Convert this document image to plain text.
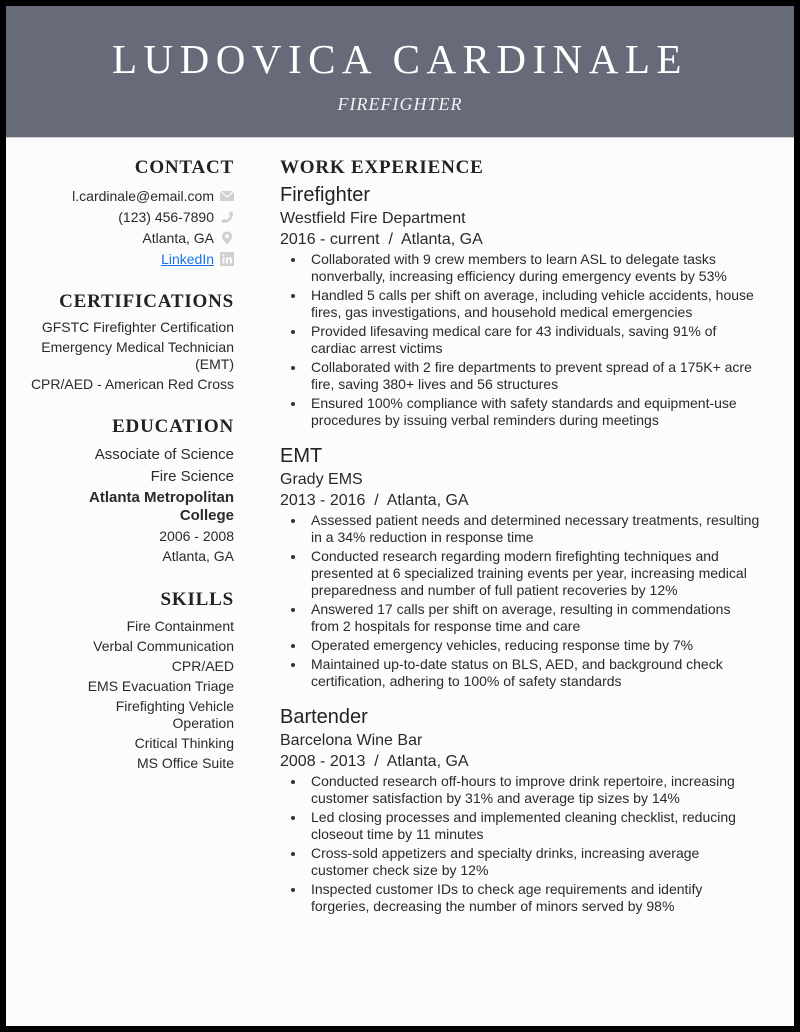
LUDOVICA CARDINALE
FIREFIGHTER
CONTACT
l.cardinale@email.com
(123) 456-7890
Atlanta, GA
LinkedIn
CERTIFICATIONS
GFSTC Firefighter Certification
Emergency Medical Technician (EMT)
CPR/AED - American Red Cross
EDUCATION
Associate of Science
Fire Science
Atlanta Metropolitan College
2006 - 2008
Atlanta, GA
SKILLS
Fire Containment
Verbal Communication
CPR/AED
EMS Evacuation Triage
Firefighting Vehicle Operation
Critical Thinking
MS Office Suite
WORK EXPERIENCE
Firefighter
Westfield Fire Department
2016 - current  /  Atlanta, GA
Collaborated with 9 crew members to learn ASL to delegate tasks nonverbally, increasing efficiency during emergency events by 53%
Handled 5 calls per shift on average, including vehicle accidents, house fires, gas investigations, and household medical emergencies
Provided lifesaving medical care for 43 individuals, saving 91% of cardiac arrest victims
Collaborated with 2 fire departments to prevent spread of a 175K+ acre fire, saving 380+ lives and 56 structures
Ensured 100% compliance with safety standards and equipment-use procedures by issuing verbal reminders during meetings
EMT
Grady EMS
2013 - 2016  /  Atlanta, GA
Assessed patient needs and determined necessary treatments, resulting in a 34% reduction in response time
Conducted research regarding modern firefighting techniques and presented at 6 specialized training events per year, increasing medical preparedness and number of full patient recoveries by 12%
Answered 17 calls per shift on average, resulting in commendations from 2 hospitals for response time and care
Operated emergency vehicles, reducing response time by 7%
Maintained up-to-date status on BLS, AED, and background check certification, adhering to 100% of safety standards
Bartender
Barcelona Wine Bar
2008 - 2013  /  Atlanta, GA
Conducted research off-hours to improve drink repertoire, increasing customer satisfaction by 31% and average tip sizes by 14%
Led closing processes and implemented cleaning checklist, reducing closeout time by 11 minutes
Cross-sold appetizers and specialty drinks, increasing average customer check size by 12%
Inspected customer IDs to check age requirements and identify forgeries, decreasing the number of minors served by 98%
